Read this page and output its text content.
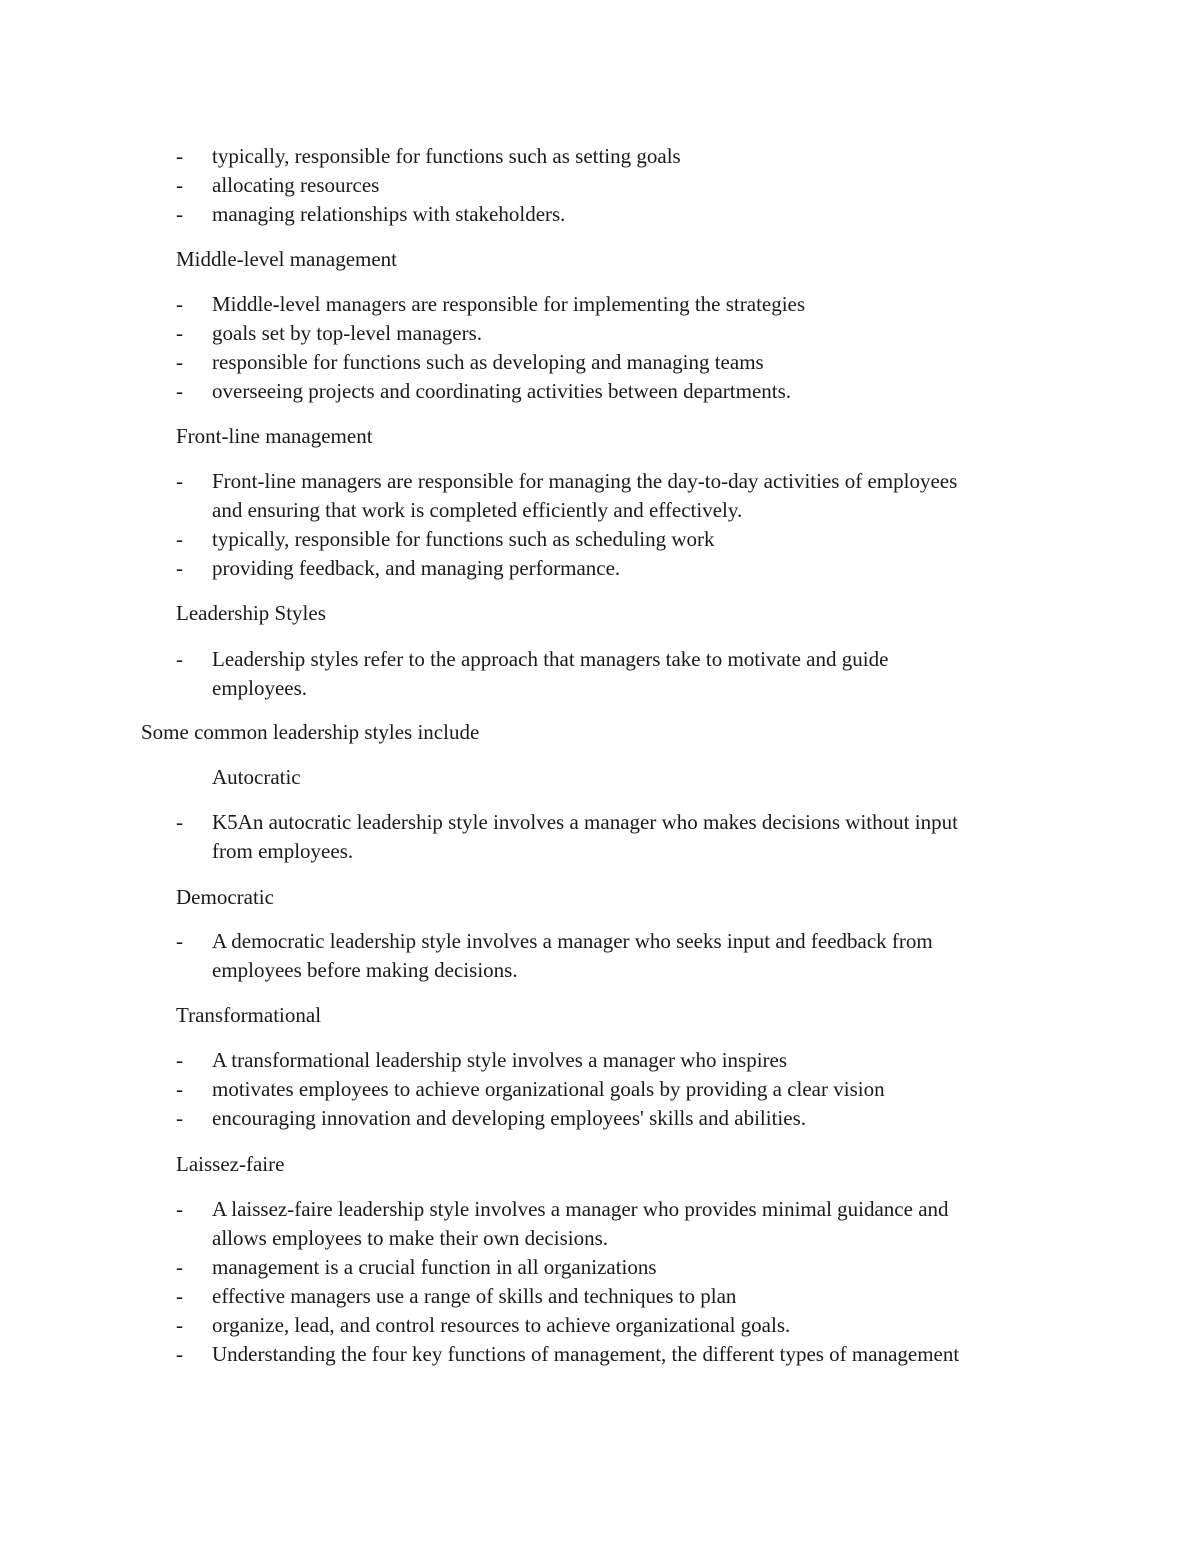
- typically, responsible for functions such as setting goals
- allocating resources
- managing relationships with stakeholders.
Middle-level management
- Middle-level managers are responsible for implementing the strategies
- goals set by top-level managers.
- responsible for functions such as developing and managing teams
- overseeing projects and coordinating activities between departments.
Front-line management
- Front-line managers are responsible for managing the day-to-day activities of employees
and ensuring that work is completed efficiently and effectively.
- typically, responsible for functions such as scheduling work
- providing feedback, and managing performance.
Leadership Styles
- Leadership styles refer to the approach that managers take to motivate and guide
employees.
Some common leadership styles include
Autocratic
- K5An autocratic leadership style involves a manager who makes decisions without input
from employees.
Democratic
- A democratic leadership style involves a manager who seeks input and feedback from
employees before making decisions.
Transformational
- A transformational leadership style involves a manager who inspires
- motivates employees to achieve organizational goals by providing a clear vision
- encouraging innovation and developing employees' skills and abilities.
Laissez-faire
- A laissez-faire leadership style involves a manager who provides minimal guidance and
allows employees to make their own decisions.
- management is a crucial function in all organizations
- effective managers use a range of skills and techniques to plan
- organize, lead, and control resources to achieve organizational goals.
- Understanding the four key functions of management, the different types of management
